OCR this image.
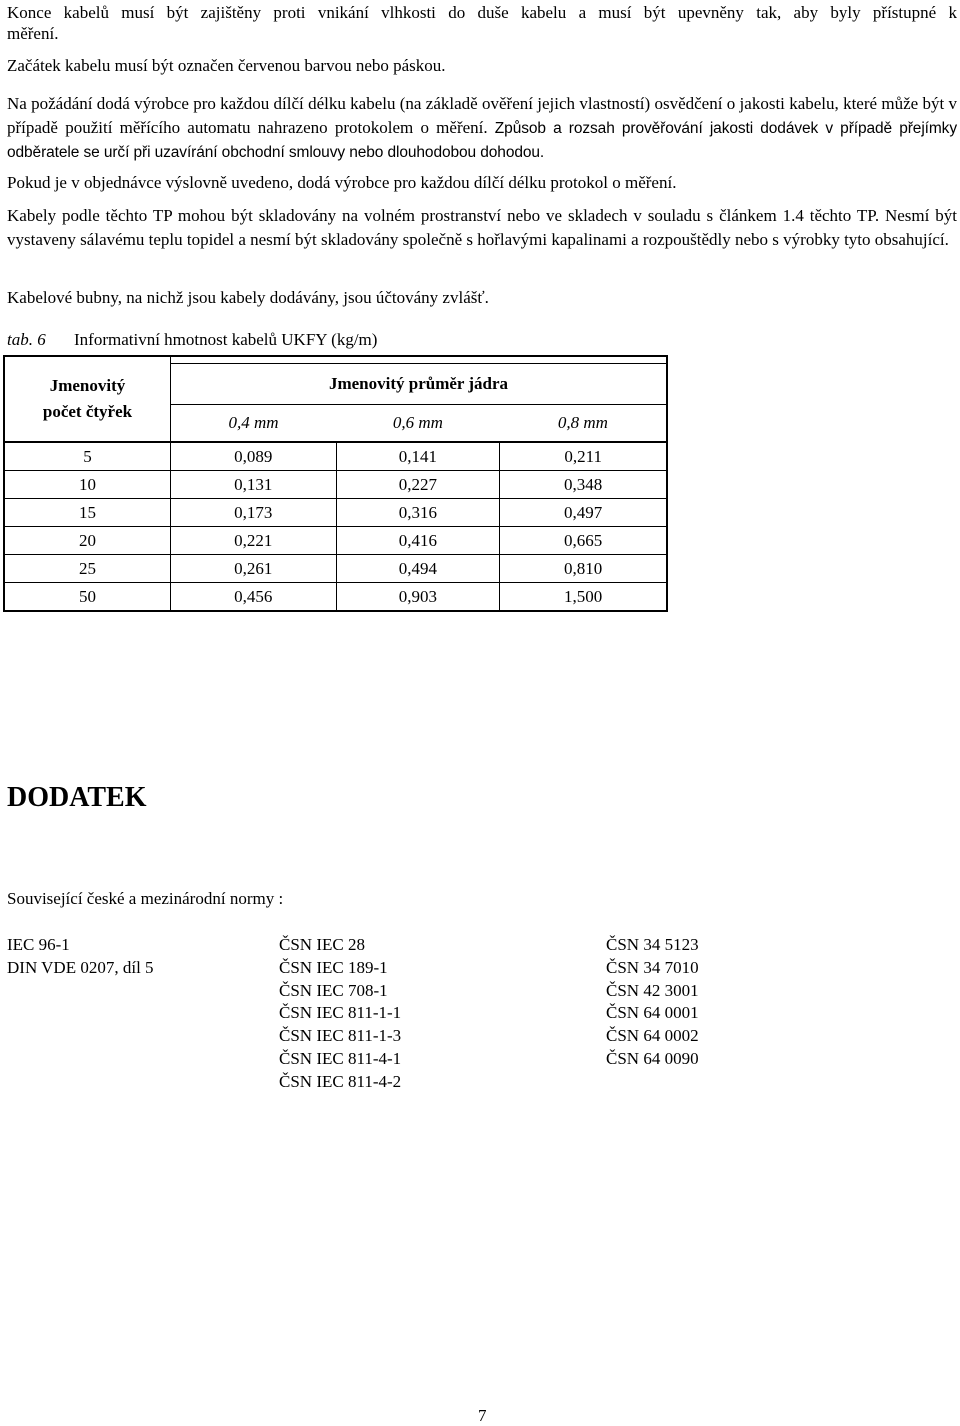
Konce kabelů musí být zajištěny proti vnikání vlhkosti do duše kabelu a musí být upevněny tak, aby byly přístupné k
měření.

Začátek kabelu musí být označen červenou barvou nebo páskou.

Na požádání dodá výrobce pro každou dílčí délku kabelu (na základě ověření jejich vlastností) osvědčení o jakosti kabelu, které může být v případě použití měřícího automatu nahrazeno protokolem o měření. Způsob a rozsah prověřování jakosti dodávek v případě přejímky odběratele se určí při uzavírání obchodní smlouvy nebo dlouhodobou dohodou.

Pokud je v objednávce výslovně uvedeno, dodá výrobce pro každou dílčí délku protokol o měření.

Kabely podle těchto TP mohou být skladovány na volném prostranství nebo ve skladech v souladu s článkem 1.4 těchto TP. Nesmí být vystaveny sálavému teplu topidel a nesmí být skladovány společně s hořlavými kapalinami a rozpouštědly nebo s výrobky tyto obsahující.

Kabelové bubny, na nichž jsou kabely dodávány, jsou účtovány zvlášť.

tab. 6 Informativní hmotnost kabelů UKFY (kg/m)
Jmenovitý
počet čtyřek			

	Jmenovitý průměr jádra		
	0,4 mm	0,6 mm	0,8 mm
5	0,089	0,141	0,211
10	0,131	0,227	0,348
15	0,173	0,316	0,497
20	0,221	0,416	0,665
25	0,261	0,494	0,810
50	0,456	0,903	1,500
DODATEK
Související české a mezinárodní normy :
IEC 96-1
DIN VDE 0207, díl 5
ČSN IEC 28
ČSN IEC 189-1
ČSN IEC 708-1
ČSN IEC 811-1-1
ČSN IEC 811-1-3
ČSN IEC 811-4-1
ČSN IEC 811-4-2
ČSN 34 5123
ČSN 34 7010
ČSN 42 3001
ČSN 64 0001
ČSN 64 0002
ČSN 64 0090
7
